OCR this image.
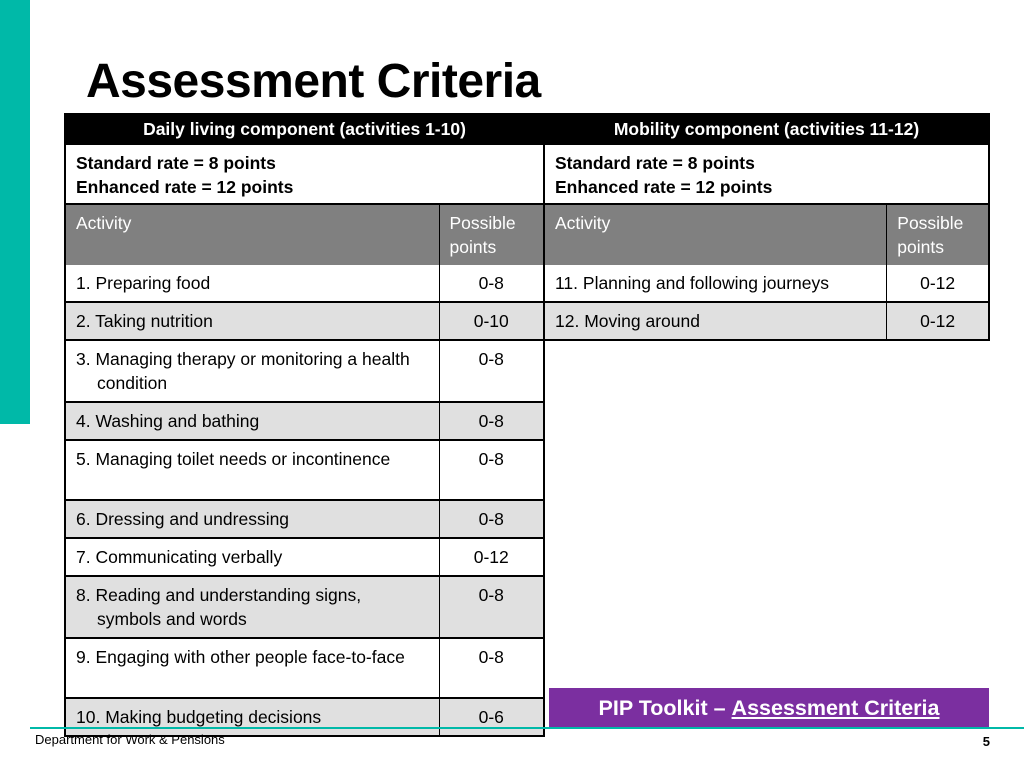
Assessment Criteria
Daily living component (activities 1-10)	

Standard rate = 8 points
Enhanced rate = 12 points	

Activity	Possible points

1. Preparing food	0-8

2. Taking nutrition	0-10

3. Managing therapy or monitoring a health condition	0-8

4. Washing and bathing	0-8

5. Managing toilet needs or incontinence	0-8

6. Dressing and undressing	0-8

7. Communicating verbally	0-12

8. Reading and understanding signs, symbols and words	0-8

9. Engaging with other people face-to-face	0-8

10. Making budgeting decisions	0-6
Mobility component (activities 11-12)	

Standard rate = 8 points
Enhanced rate = 12 points	

Activity	Possible points

11. Planning and following journeys	0-12

12. Moving around	0-12
PIP Toolkit – Assessment Criteria
Department for Work & Pensions	5
